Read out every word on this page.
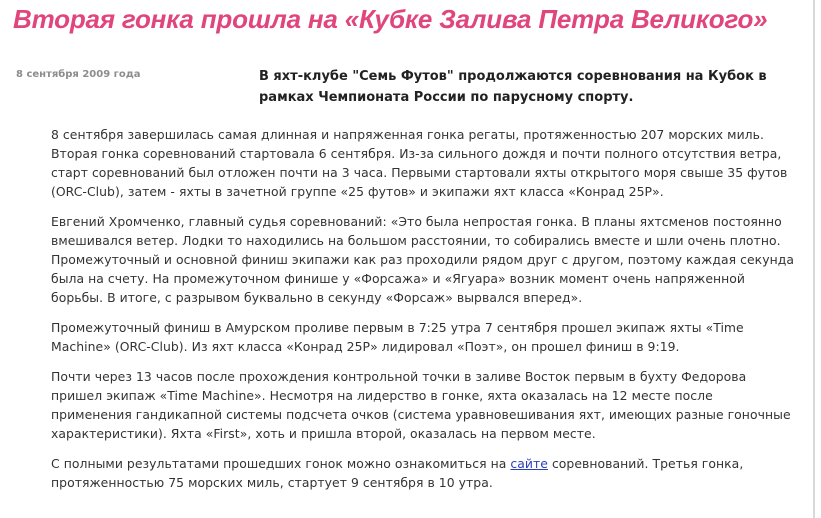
Вторая гонка прошла на «Кубке Залива Петра Великого»
8 сентября 2009 года	В яхт-клубе "Семь Футов" продолжаются соревнования на Кубок в рамках Чемпионата России по парусному спорту.

8 сентября завершилась самая длинная и напряженная гонка регаты, протяженностью 207 морских миль. Вторая гонка соревнований стартовала 6 сентября. Из-за сильного дождя и почти полного отсутствия ветра, старт соревнований был отложен почти на 3 часа. Первыми стартовали яхты открытого моря свыше 35 футов (ORC-Club), затем - яхты в зачетной группе «25 футов» и экипажи яхт класса «Конрад 25Р».

Евгений Хромченко, главный судья соревнований: «Это была непростая гонка. В планы яхтсменов постоянно вмешивался ветер. Лодки то находились на большом расстоянии, то собирались вместе и шли очень плотно. Промежуточный и основной финиш экипажи как раз проходили рядом друг с другом, поэтому каждая секунда была на счету. На промежуточном финише у «Форсажа» и «Ягуара» возник момент очень напряженной борьбы. В итоге, с разрывом буквально в секунду «Форсаж» вырвался вперед».

Промежуточный финиш в Амурском проливе первым в 7:25 утра 7 сентября прошел экипаж яхты «Time Machine» (ORC-Club). Из яхт класса «Конрад 25Р» лидировал «Поэт», он прошел финиш в 9:19.

Почти через 13 часов после прохождения контрольной точки в заливе Восток первым в бухту Федорова пришел экипаж «Time Machine». Несмотря на лидерство в гонке, яхта оказалась на 12 месте после применения гандикапной системы подсчета очков (система уравновешивания яхт, имеющих разные гоночные характеристики). Яхта «First», хоть и пришла второй, оказалась на первом месте.

С полными результатами прошедших гонок можно ознакомиться на сайте соревнований. Третья гонка, протяженностью 75 морских миль, стартует 9 сентября в 10 утра.
